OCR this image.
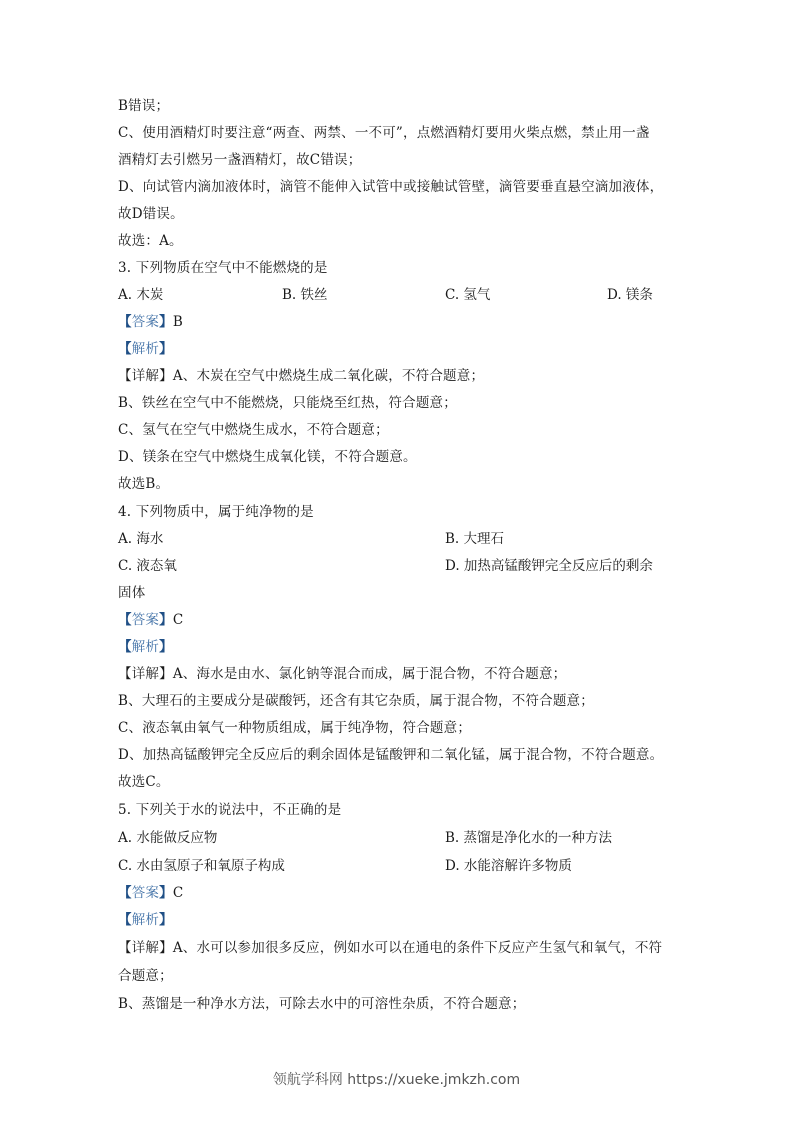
B错误；
C、使用酒精灯时要注意“两查、两禁、一不可”，点燃酒精灯要用火柴点燃，禁止用一盏
酒精灯去引燃另一盏酒精灯，故C错误；
D、向试管内滴加液体时，滴管不能伸入试管中或接触试管壁，滴管要垂直悬空滴加液体，
故D错误。
故选：A。
3. 下列物质在空气中不能燃烧的是
A. 木炭	B. 铁丝	C. 氢气	D. 镁条
【答案】B
【解析】
【详解】A、木炭在空气中燃烧生成二氧化碳，不符合题意；
B、铁丝在空气中不能燃烧，只能烧至红热，符合题意；
C、氢气在空气中燃烧生成水，不符合题意；
D、镁条在空气中燃烧生成氧化镁，不符合题意。
故选B。
4. 下列物质中，属于纯净物的是
A. 海水	B. 大理石
C. 液态氧	D. 加热高锰酸钾完全反应后的剩余
固体
【答案】C
【解析】
【详解】A、海水是由水、氯化钠等混合而成，属于混合物，不符合题意；
B、大理石的主要成分是碳酸钙，还含有其它杂质，属于混合物，不符合题意；
C、液态氧由氧气一种物质组成，属于纯净物，符合题意；
D、加热高锰酸钾完全反应后的剩余固体是锰酸钾和二氧化锰，属于混合物，不符合题意。
故选C。
5. 下列关于水的说法中，不正确的是
A. 水能做反应物	B. 蒸馏是净化水的一种方法
C. 水由氢原子和氧原子构成	D. 水能溶解许多物质
【答案】C
【解析】
【详解】A、水可以参加很多反应，例如水可以在通电的条件下反应产生氢气和氧气，不符
合题意；
B、蒸馏是一种净水方法，可除去水中的可溶性杂质，不符合题意；
领航学科网 https://xueke.jmkzh.com
